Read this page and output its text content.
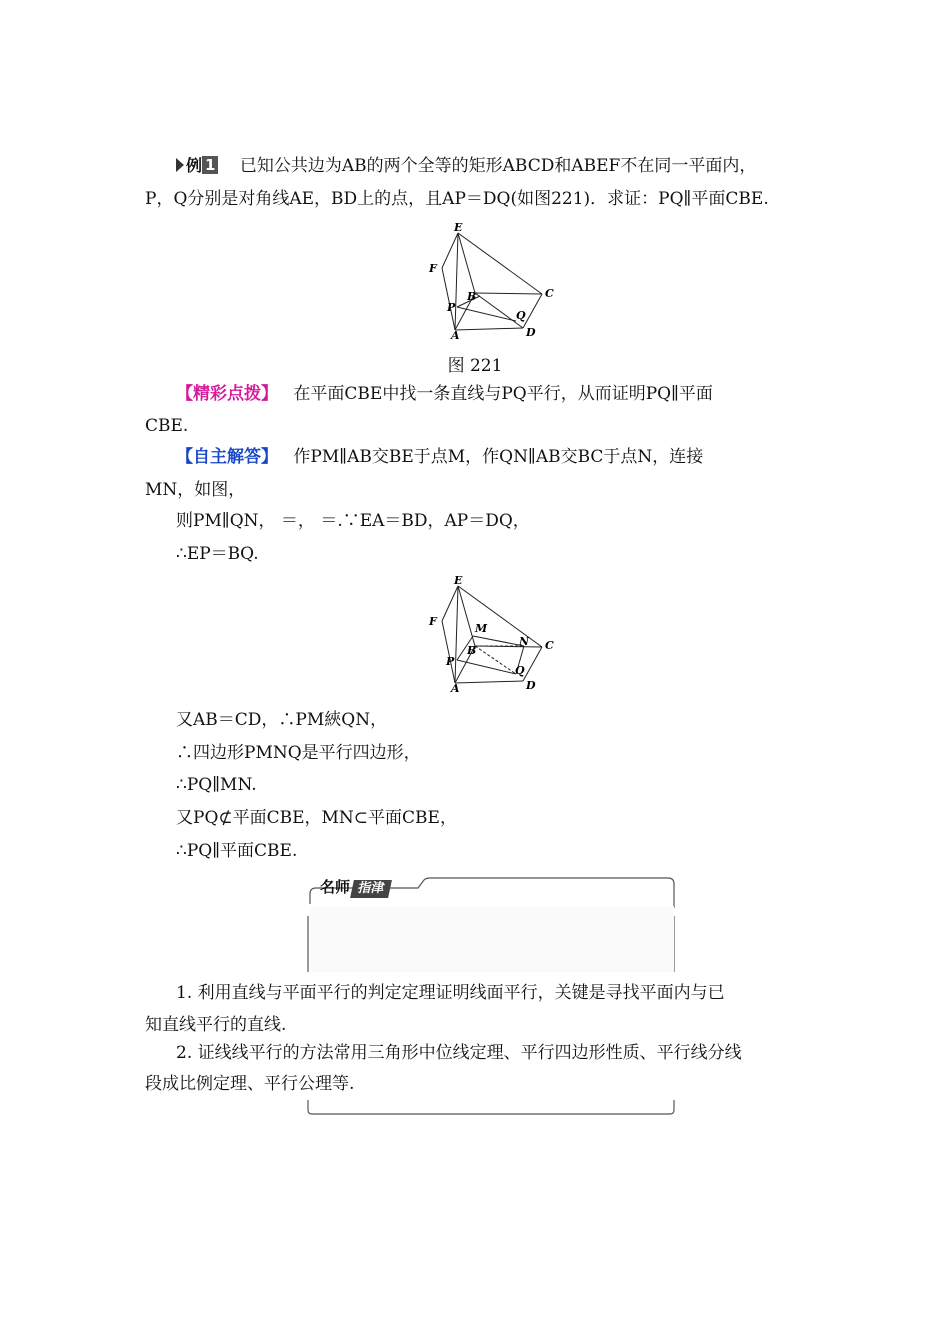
例 1 已知公共边为AB的两个全等的矩形ABCD和ABEF不在同一平面内，
P，Q分别是对角线AE，BD上的点，且AP＝DQ(如图221)．求证：PQ∥平面CBE.
E
F
B	C
P
Q
A	D
图 221
【精彩点拨】 在平面CBE中找一条直线与PQ平行，从而证明PQ∥平面
CBE.
【自主解答】 作PM∥AB交BE于点M，作QN∥AB交BC于点N，连接
MN，如图，
则PM∥QN， ＝， ＝.∵EA＝BD，AP＝DQ，
∴EP＝BQ.
E
F
M
N
B	C
P
Q
A	D
又AB＝CD，∴PM綊QN，
∴四边形PMNQ是平行四边形，
∴PQ∥MN.
又PQ⊄平面CBE，MN⊂平面CBE，
∴PQ∥平面CBE.
名师 指津
1. 利用直线与平面平行的判定定理证明线面平行，关键是寻找平面内与已
知直线平行的直线.
2. 证线线平行的方法常用三角形中位线定理、平行四边形性质、平行线分线
段成比例定理、平行公理等.
